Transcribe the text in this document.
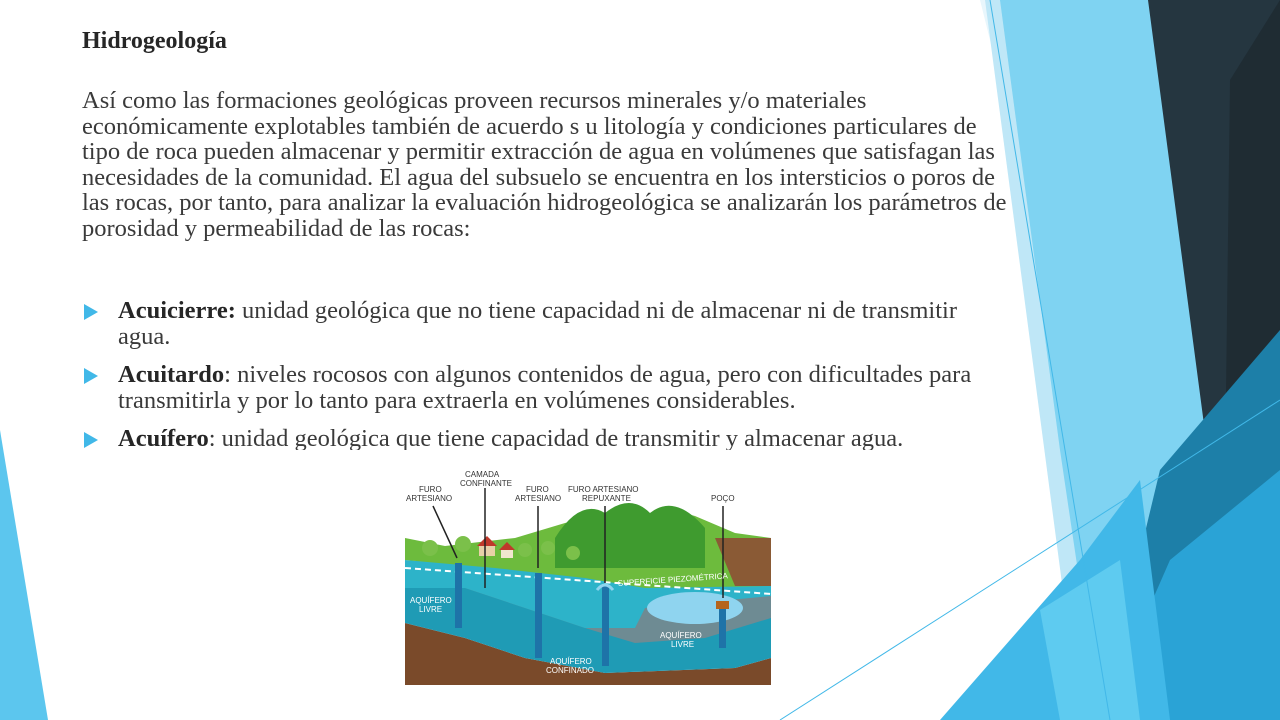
Hidrogeología
Así como las formaciones geológicas proveen recursos minerales y/o materiales económicamente explotables también de acuerdo s u litología y condiciones particulares de tipo de roca pueden almacenar y permitir extracción de agua en volúmenes que satisfagan las necesidades de la comunidad. El agua del subsuelo se encuentra en los intersticios o poros de las rocas, por tanto, para analizar la evaluación hidrogeológica se analizarán los parámetros de porosidad y permeabilidad de las rocas:
Acuicierre: unidad geológica que no tiene capacidad ni de almacenar ni de transmitir agua.
Acuitardo: niveles rocosos con algunos contenidos de agua, pero con dificultades para transmitirla y por lo tanto para extraerla en volúmenes considerables.
Acuífero: unidad geológica que tiene capacidad de transmitir y almacenar agua.
FURO
ARTESIANO
CAMADA
CONFINANTE
FURO
ARTESIANO
FURO ARTESIANO
REPUXANTE	POÇO
SUPERFICIE PIEZOMÉTRICA
AQUÍFERO
LIVRE
AQUÍFERO
LIVRE
AQUÍFERO
CONFINADO
